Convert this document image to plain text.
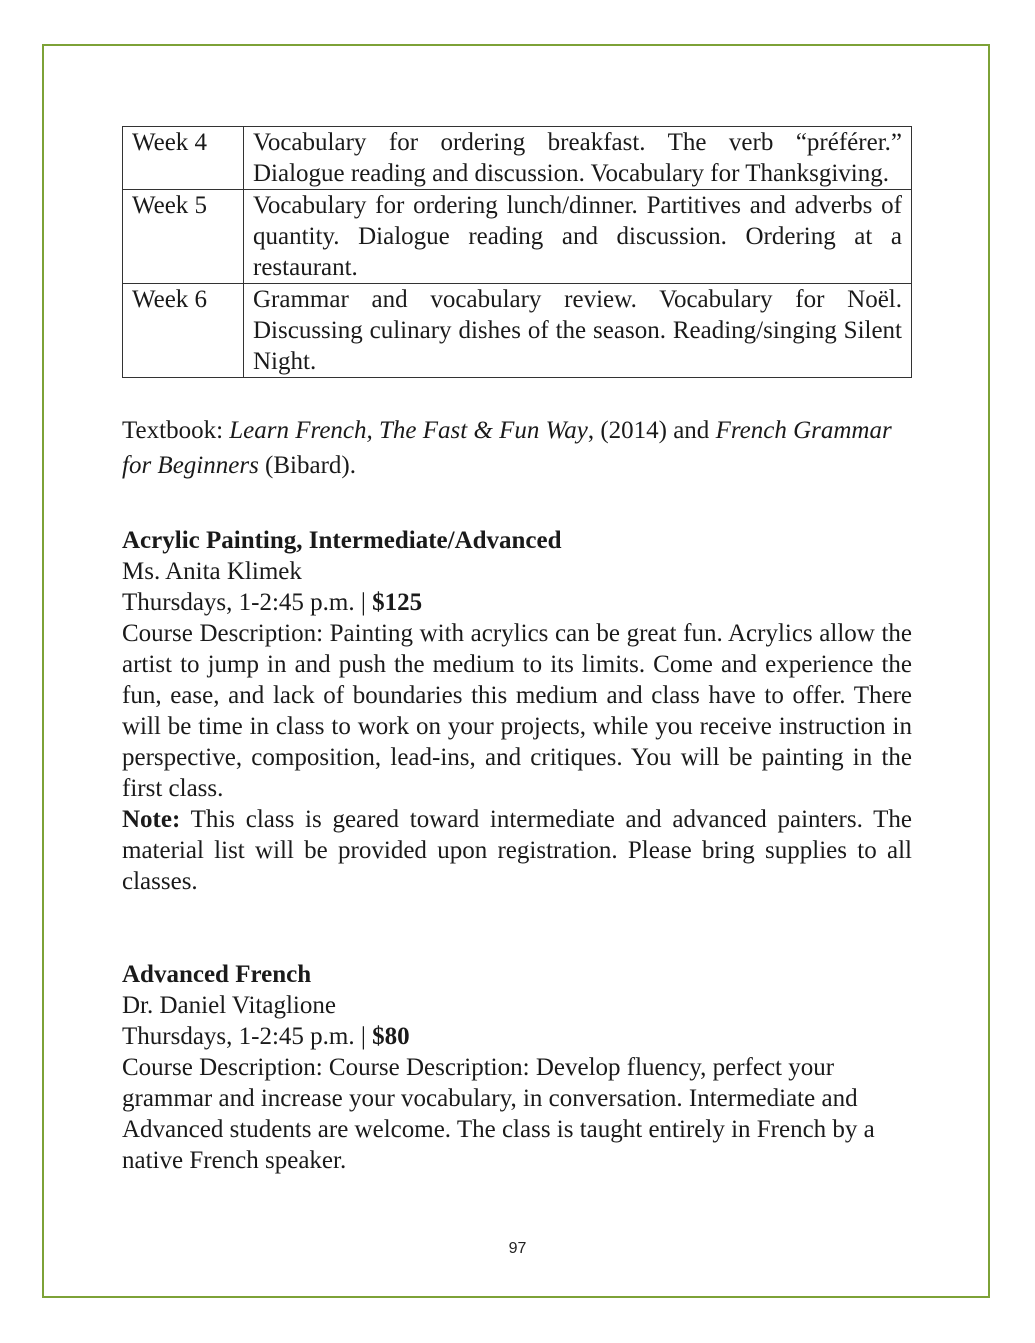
Week 4	Vocabulary for ordering breakfast. The verb “préférer.” Dialogue reading and discussion. Vocabulary for Thanksgiving.
Week 5	Vocabulary for ordering lunch/dinner. Partitives and adverbs of quantity. Dialogue reading and discussion. Ordering at a restaurant.
Week 6	Grammar and vocabulary review. Vocabulary for Noël. Discussing culinary dishes of the season. Reading/singing Silent Night.
Textbook: Learn French, The Fast & Fun Way, (2014) and French Grammar for Beginners (Bibard).
Acrylic Painting, Intermediate/Advanced
Ms. Anita Klimek
Thursdays, 1-2:45 p.m. | $125
Course Description: Painting with acrylics can be great fun. Acrylics allow the artist to jump in and push the medium to its limits. Come and experience the fun, ease, and lack of boundaries this medium and class have to offer. There will be time in class to work on your projects, while you receive instruction in perspective, composition, lead-ins, and critiques. You will be painting in the first class.
Note: This class is geared toward intermediate and advanced painters. The material list will be provided upon registration. Please bring supplies to all classes.
Advanced French
Dr. Daniel Vitaglione
Thursdays, 1-2:45 p.m. | $80
Course Description: Course Description: Develop fluency, perfect your grammar and increase your vocabulary, in conversation. Intermediate and Advanced students are welcome. The class is taught entirely in French by a native French speaker.
97
